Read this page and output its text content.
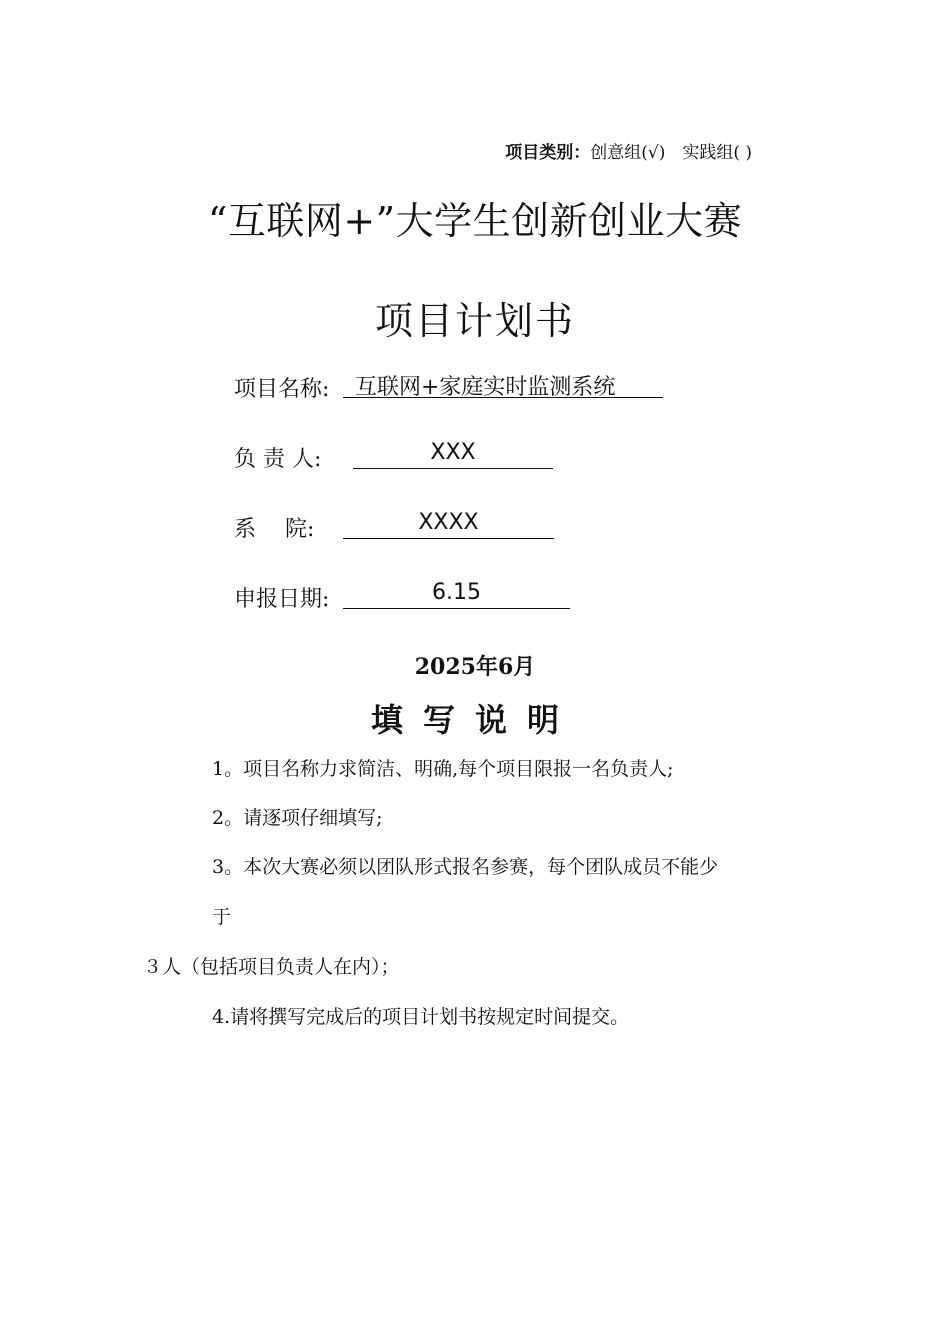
项目类别：创意组(√)　实践组( )
“互联网+”大学生创新创业大赛
项目计划书
项目名称:	互联网+家庭实时监测系统
负 责 人:	XXX
系　 院:	XXXX
申报日期:	6.15
2025年6月
填写说明
1。项目名称力求简洁、明确,每个项目限报一名负责人;
2。请逐项仔细填写;
3。本次大赛必须以团队形式报名参赛，每个团队成员不能少
于
３人（包括项目负责人在内）；
4.请将撰写完成后的项目计划书按规定时间提交。
